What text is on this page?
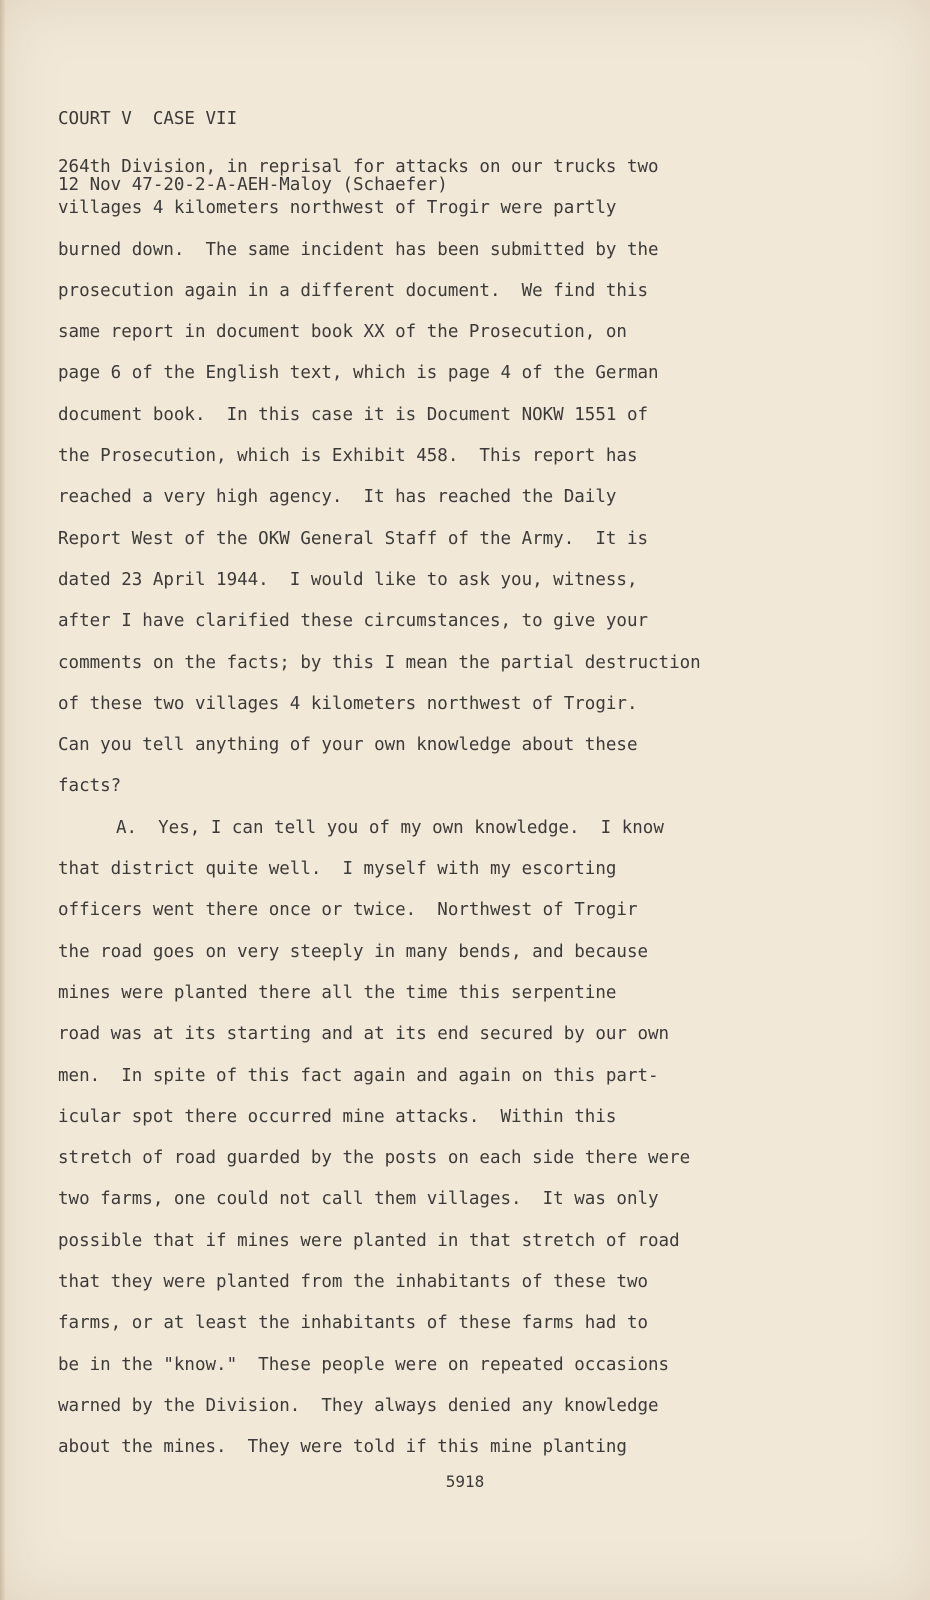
COURT V  CASE VII

12 Nov 47-20-2-A-AEH-Maloy (Schaefer)

264th Division, in reprisal for attacks on our trucks two
villages 4 kilometers northwest of Trogir were partly
burned down.  The same incident has been submitted by the
prosecution again in a different document.  We find this
same report in document book XX of the Prosecution, on
page 6 of the English text, which is page 4 of the German
document book.  In this case it is Document NOKW 1551 of
the Prosecution, which is Exhibit 458.  This report has
reached a very high agency.  It has reached the Daily
Report West of the OKW General Staff of the Army.  It is
dated 23 April 1944.  I would like to ask you, witness,
after I have clarified these circumstances, to give your
comments on the facts; by this I mean the partial destruction
of these two villages 4 kilometers northwest of Trogir.
Can you tell anything of your own knowledge about these
facts?
A.  Yes, I can tell you of my own knowledge.  I know
that district quite well.  I myself with my escorting
officers went there once or twice.  Northwest of Trogir
the road goes on very steeply in many bends, and because
mines were planted there all the time this serpentine
road was at its starting and at its end secured by our own
men.  In spite of this fact again and again on this part-
icular spot there occurred mine attacks.  Within this
stretch of road guarded by the posts on each side there were
two farms, one could not call them villages.  It was only
possible that if mines were planted in that stretch of road
that they were planted from the inhabitants of these two
farms, or at least the inhabitants of these farms had to
be in the "know."  These people were on repeated occasions
warned by the Division.  They always denied any knowledge
about the mines.  They were told if this mine planting
5918
